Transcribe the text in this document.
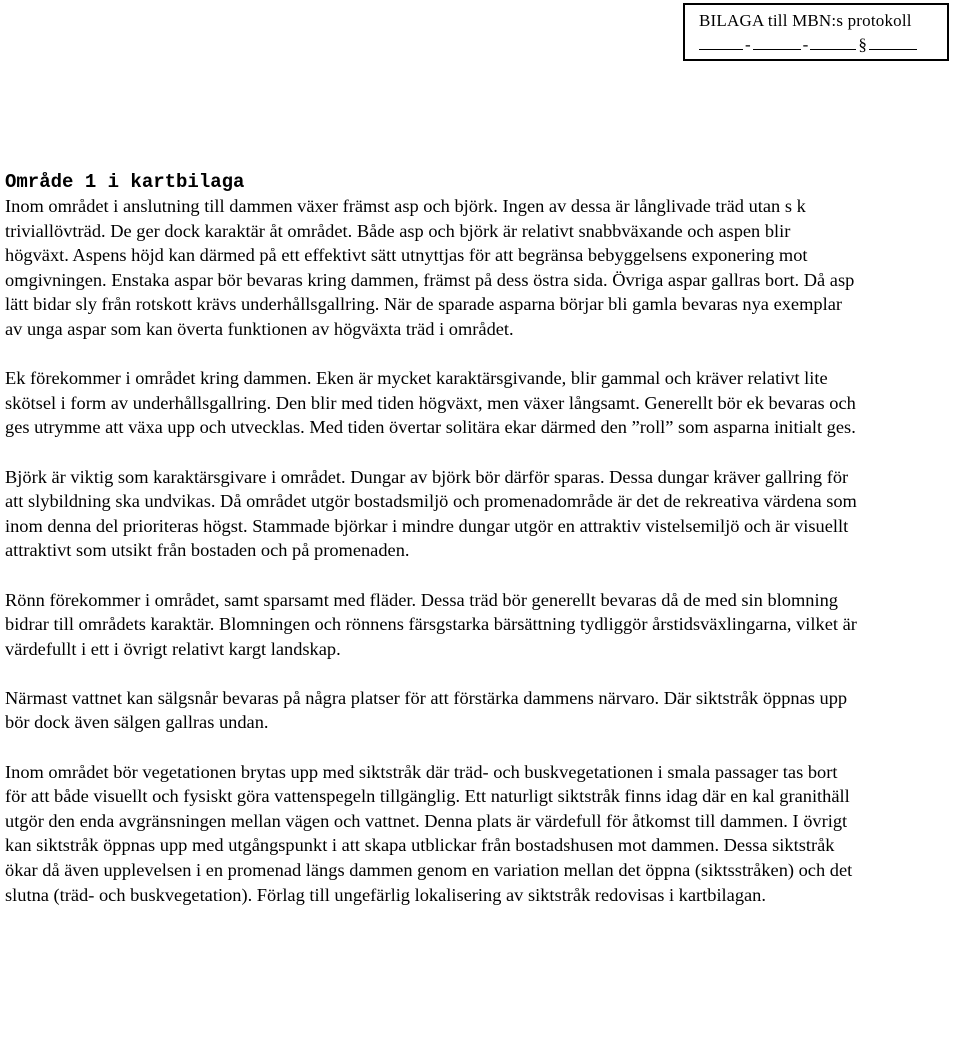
BILAGA till MBN:s protokoll
-	-	§
Område 1 i kartbilaga

Inom området i anslutning till dammen växer främst asp och björk. Ingen av dessa är långlivade träd utan s k triviallövträd. De ger dock karaktär åt området. Både asp och björk är relativt snabbväxande och aspen blir högväxt. Aspens höjd kan därmed på ett effektivt sätt utnyttjas för att begränsa bebyggelsens exponering mot omgivningen. Enstaka aspar bör bevaras kring dammen, främst på dess östra sida. Övriga aspar gallras bort. Då asp lätt bidar sly från rotskott krävs underhållsgallring. När de sparade asparna börjar bli gamla bevaras nya exemplar av unga aspar som kan överta funktionen av högväxta träd i området.

Ek förekommer i området kring dammen. Eken är mycket karaktärsgivande, blir gammal och kräver relativt lite skötsel i form av underhållsgallring. Den blir med tiden högväxt, men växer långsamt. Generellt bör ek bevaras och ges utrymme att växa upp och utvecklas. Med tiden övertar solitära ekar därmed den ”roll” som asparna initialt ges.

Björk är viktig som karaktärsgivare i området. Dungar av björk bör därför sparas. Dessa dungar kräver gallring för att slybildning ska undvikas. Då området utgör bostadsmiljö och promenadområde är det de rekreativa värdena som inom denna del prioriteras högst. Stammade björkar i mindre dungar utgör en attraktiv vistelsemiljö och är visuellt attraktivt som utsikt från bostaden och på promenaden.

Rönn förekommer i området, samt sparsamt med fläder. Dessa träd bör generellt bevaras då de med sin blomning bidrar till områdets karaktär. Blomningen och rönnens färsgstarka bärsättning tydliggör årstidsväxlingarna, vilket är värdefullt i ett i övrigt relativt kargt landskap.

Närmast vattnet kan sälgsnår bevaras på några platser för att förstärka dammens närvaro. Där siktstråk öppnas upp bör dock även sälgen gallras undan.

Inom området bör vegetationen brytas upp med siktstråk där träd- och buskvegetationen i smala passager tas bort för att både visuellt och fysiskt göra vattenspegeln tillgänglig. Ett naturligt siktstråk finns idag där en kal granithäll utgör den enda avgränsningen mellan vägen och vattnet. Denna plats är värdefull för åtkomst till dammen. I övrigt kan siktstråk öppnas upp med utgångspunkt i att skapa utblickar från bostadshusen mot dammen. Dessa siktstråk ökar då även upplevelsen i en promenad längs dammen genom en variation mellan det öppna (siktsstråken) och det slutna (träd- och buskvegetation). Förlag till ungefärlig lokalisering av siktstråk redovisas i kartbilagan.
